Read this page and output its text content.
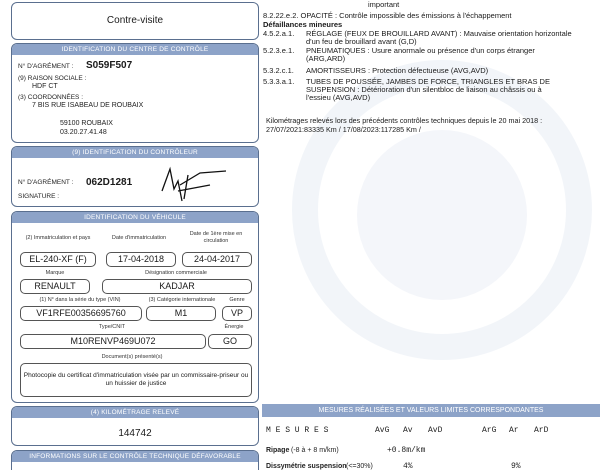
Contre-visite
IDENTIFICATION DU CENTRE DE CONTRÔLE
N° D'AGRÉMENT : S059F507
(9) RAISON SOCIALE :
HDF CT
(3) COORDONNÉES :
7 BIS RUE ISABEAU DE ROUBAIX
59100 ROUBAIX
03.20.27.41.48
(9) IDENTIFICATION DU CONTRÔLEUR
N° D'AGRÉMENT : 062D1281
SIGNATURE :
IDENTIFICATION DU VÉHICULE
(2) Immatriculation et pays
EL-240-XF (F)
Date d'immatriculation
17-04-2018
Date de 1ère mise en circulation
24-04-2017
Marque
RENAULT
Désignation commerciale
KADJAR
(1) N° dans la série du type (VIN)
VF1RFE00356695760
(3) Catégorie internationale
M1
Genre
VP
Type/CNIT
M10RENVP469U072
Énergie
GO
Document(s) présenté(s)
Photocopie du certificat d'immatriculation visée par un commissaire-priseur ou
un huissier de justice
(4) KILOMÉTRAGE RELEVÉ
144742
INFORMATIONS SUR LE CONTRÔLE TECHNIQUE DÉFAVORABLE
important
8.2.22.e.2. OPACITÉ : Contrôle impossible des émissions à l'échappement
Défaillances mineures
4.5.2.a.1. RÉGLAGE (FEUX DE BROUILLARD AVANT) : Mauvaise orientation horizontale
d'un feu de brouillard avant (G,D)
5.2.3.e.1. PNEUMATIQUES : Usure anormale ou présence d'un corps étranger
(ARG,ARD)
5.3.2.c.1. AMORTISSEURS : Protection défectueuse (AVG,AVD)
5.3.3.a.1. TUBES DE POUSSÉE, JAMBES DE FORCE, TRIANGLES ET BRAS DE
SUSPENSION : Détérioration d'un silentbloc de liaison au châssis ou à
l'essieu (AVG,AVD)
Kilométrages relevés lors des précédents contrôles techniques depuis le 20 mai 2018 :
27/07/2021:83335 Km / 17/08/2023:117285 Km /
MESURES RÉALISÉES ET VALEURS LIMITES CORRESPONDANTES
M E S U R E S	AvG Av AvD	ArG Ar ArD
Ripage (-8 à + 8 m/km)	+0.8m/km
Dissymétrie suspension (<=30%)	4%	9%
